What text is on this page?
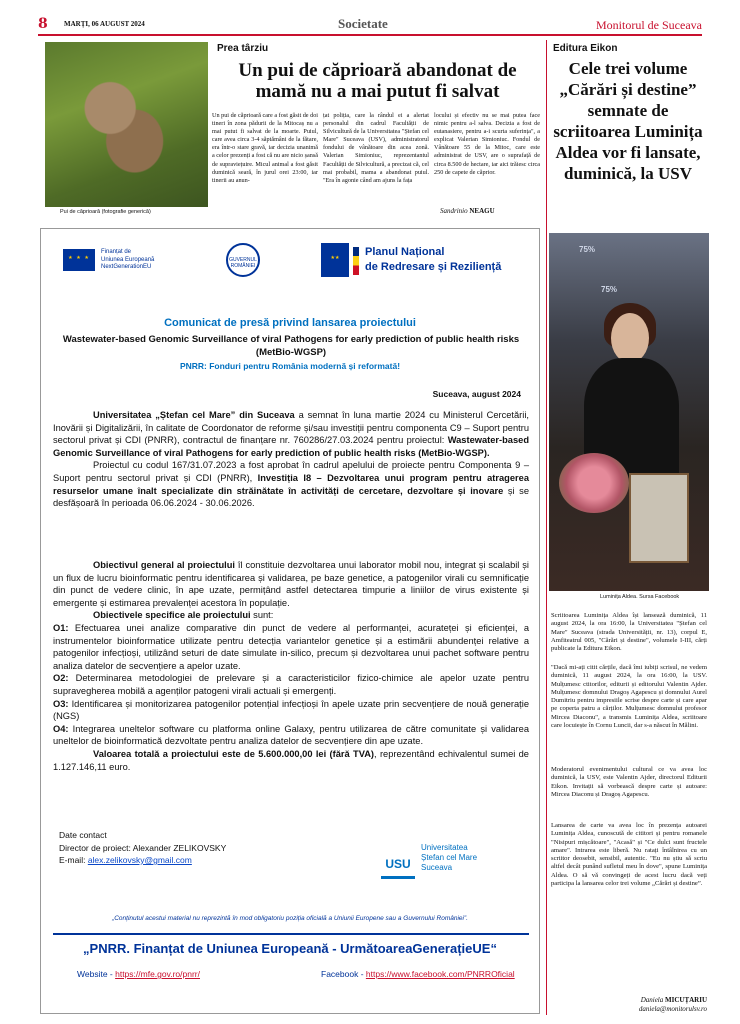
8 MARȚI, 06 AUGUST 2024	Societate	Monitorul de Suceava
Pui de căprioară (fotografie generică)
Prea târziu
Un pui de căprioară abandonat de mamă nu a mai putut fi salvat

Un pui de căprioară care a fost găsit de doi tineri în zona pădurii de la Mitocaș nu a mai putut fi salvat de la moarte. Puiul, care avea circa 3-4 săptămâni de la fătare, era într-o stare gravă, iar decizia unanimă a celor prezenți a fost că nu are nicio șansă de supraviețuire. Micul animal a fost găsit duminică seară, în jurul orei 23:00, iar tinerii au anun-

țat poliția, care la rândul ei a alertat personalul din cadrul Facultății de Silvicultură de la Universitatea "Ștefan cel Mare" Suceava (USV), administratorul fondului de vânătoare din acea zonă. Valerian Simioniuc, reprezentantul Facultății de Silvicultură, a precizat că, cel mai probabil, mama a abandonat puiul. "Era în agonie când am ajuns la fața

locului și efectiv nu se mai putea face nimic pentru a-l salva. Decizia a fost de eutanasiere, pentru a-i scurta suferința", a explicat Valerian Simioniuc. Fondul de Vânătoare 55 de la Mitoc, care este administrat de USV, are o suprafață de circa 8.500 de hectare, iar aici trăiesc circa 250 de capete de căprior.

Sandrinio NEAGU
Editura Eikon
Cele trei volume „Cărări și destine” semnate de scriitoarea Luminița Aldea vor fi lansate, duminică, la USV
75%
75%
Luminița Aldea. Sursa Facebook

Scriitoarea Luminița Aldea își lansează duminică, 11 august 2024, la ora 16:00, la Universitatea "Ștefan cel Mare" Suceava (strada Universității, nr. 13), corpul E, Amfiteatrul 005, "Cărări și destine", volumele I-III, cărți publicate la Editura Eikon.

"Dacă mi-ați citit cărțile, dacă îmi iubiți scrisul, ne vedem duminică, 11 august 2024, la ora 16:00, la USV. Mulțumesc ctitorilor, editurii și editorului Valentin Ajder. Mulțumesc domnului Dragoș Agapescu și domnului Aurel Dumitriu pentru impresiile scrise despre carte și care apar pe coperta patru a cărților. Mulțumesc domnului profesor Mircea Diaconu", a transmis Luminița Aldea, scriitoare care locuiește în Cornu Luncii, dar s-a născut în Mălini.

Moderatorul evenimentului cultural ce va avea loc duminică, la USV, este Valentin Ajder, directorul Editurii Eikon. Invitații să vorbească despre carte și autoare: Mircea Diaconu și Dragoș Agapescu.

Lansarea de carte va avea loc în prezența autoarei Luminița Aldea, cunoscută de cititori și pentru romanele "Nisipuri mișcătoare", "Acasă" și "Ce dulci sunt fructele amare". Intrarea este liberă. Nu ratați întâlnirea cu un scriitor deosebit, sensibil, autentic. "Eu nu știu să scriu altfel decât punând sufletul meu în dove", spune Luminița Aldea. O să vă convingeți de acest lucru dacă veți participa la lansarea celor trei volume „Cărări și destine”.

Daniela MICUȚARIU
daniela@monitorulsv.ro
★ ★ ★
Finanțat de
Uniunea Europeană
NextGenerationEU
GUVERNUL ROMÂNIEI
★★	Planul Național
de Redresare și Reziliență
Comunicat de presă privind lansarea proiectului
Wastewater-based Genomic Surveillance of viral Pathogens for early prediction of public health risks (MetBio-WGSP)
PNRR: Fonduri pentru România modernă și reformată!
Suceava, august 2024

Universitatea „Ștefan cel Mare” din Suceava a semnat în luna martie 2024 cu Ministerul Cercetării, Inovării și Digitalizării, în calitate de Coordonator de reforme și/sau investiții pentru componenta C9 – Suport pentru sectorul privat și CDI (PNRR), contractul de finanțare nr. 760286/27.03.2024 pentru proiectul: Wastewater-based Genomic Surveillance of viral Pathogens for early prediction of public health risks (MetBio-WGSP).

Proiectul cu codul 167/31.07.2023 a fost aprobat în cadrul apelului de proiecte pentru Componenta 9 – Suport pentru sectorul privat și CDI (PNRR), Investiția I8 – Dezvoltarea unui program pentru atragerea resurselor umane înalt specializate din străinătate în activități de cercetare, dezvoltare și inovare și se desfășoară în perioada 06.06.2024 - 30.06.2026.

Obiectivul general al proiectului îl constituie dezvoltarea unui laborator mobil nou, integrat și scalabil și un flux de lucru bioinformatic pentru identificarea și validarea, pe baze genetice, a patogenilor virali cu semnificație din punct de vedere clinic, în ape uzate, permițând astfel detectarea timpurie a liniilor de virus existente și emergente și estimarea prevalenței acestora în populație.

Obiectivele specifice ale proiectului sunt:

O1: Efectuarea unei analize comparative din punct de vedere al performanței, acurateței și eficienței, a instrumentelor bioinformatice utilizate pentru detecția variantelor genetice și a estimării abundenței relative a patogenilor infecțioși, utilizând seturi de date simulate in-silico, precum și dezvoltarea unui pachet software pentru analiza datelor de secvențiere a apelor uzate.

O2: Determinarea metodologiei de prelevare și a caracteristicilor fizico-chimice ale apelor uzate pentru supravegherea mobilă a agenților patogeni virali actuali și emergenți.

O3: Identificarea și monitorizarea patogenilor potențial infecțioși în apele uzate prin secvențiere de nouă generație (NGS)

O4: Integrarea uneltelor software cu platforma online Galaxy, pentru utilizarea de către comunitate și validarea uneltelor de bioinformatică dezvoltate pentru analiza datelor de secvențiere din ape uzate.

Valoarea totală a proiectului este de 5.600.000,00 lei (fără TVA), reprezentând echivalentul sumei de 1.127.146,11 euro.

Date contact
Director de proiect: Alexander ZELIKOVSKY
E-mail: alex.zelikovsky@gmail.com	USU
Universitatea
Ștefan cel Mare
Suceava
„Conținutul acestui material nu reprezintă în mod obligatoriu poziția oficială a Uniunii Europene sau a Guvernului României”.
„PNRR. Finanțat de Uniunea Europeană - UrmătoareaGenerațieUE“
Website - https://mfe.gov.ro/pnrr/	Facebook - https://www.facebook.com/PNRROficial
